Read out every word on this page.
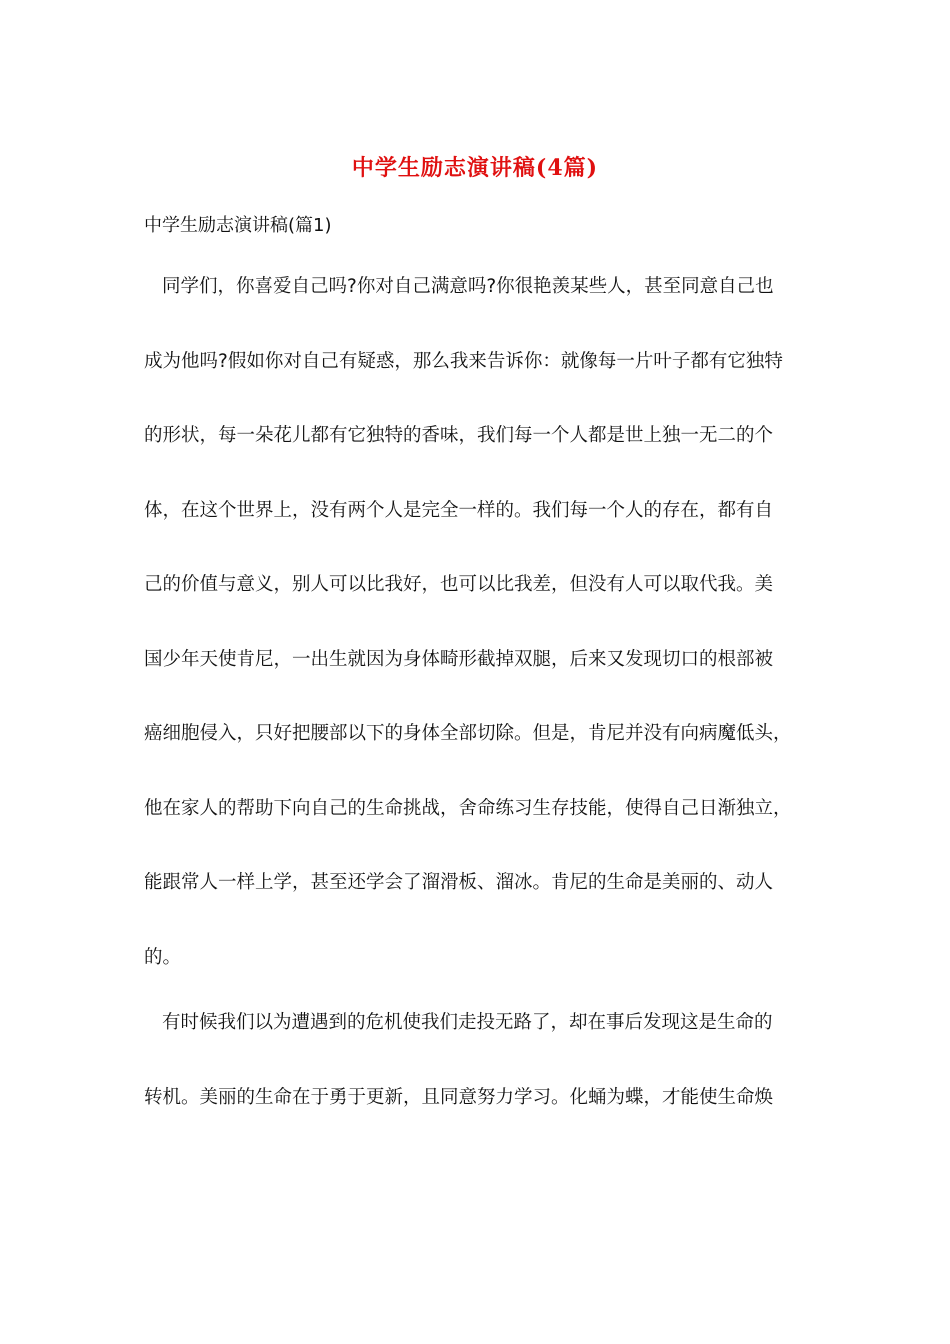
中学生励志演讲稿(4篇)

中学生励志演讲稿(篇1)

同学们，你喜爱自己吗?你对自己满意吗?你很艳羡某些人，甚至同意自己也

成为他吗?假如你对自己有疑惑，那么我来告诉你：就像每一片叶子都有它独特

的形状，每一朵花儿都有它独特的香味，我们每一个人都是世上独一无二的个

体，在这个世界上，没有两个人是完全一样的。我们每一个人的存在，都有自

己的价值与意义，别人可以比我好，也可以比我差，但没有人可以取代我。美

国少年天使肯尼，一出生就因为身体畸形截掉双腿，后来又发现切口的根部被

癌细胞侵入，只好把腰部以下的身体全部切除。但是，肯尼并没有向病魔低头，

他在家人的帮助下向自己的生命挑战，舍命练习生存技能，使得自己日渐独立，

能跟常人一样上学，甚至还学会了溜滑板、溜冰。肯尼的生命是美丽的、动人

的。

有时候我们以为遭遇到的危机使我们走投无路了，却在事后发现这是生命的

转机。美丽的生命在于勇于更新，且同意努力学习。化蛹为蝶，才能使生命焕
